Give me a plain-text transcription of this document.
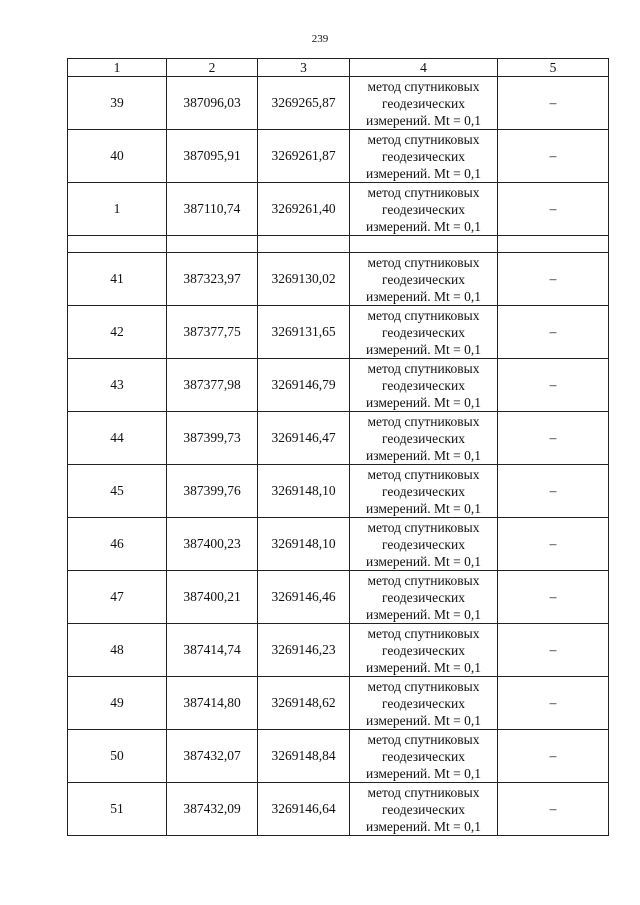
239
1	2	3	4	5
39	387096,03	3269265,87	метод спутниковых
геодезических
измерений. Mt = 0,1	–
40	387095,91	3269261,87	метод спутниковых
геодезических
измерений. Mt = 0,1	–
1	387110,74	3269261,40	метод спутниковых
геодезических
измерений. Mt = 0,1	–

41	387323,97	3269130,02	метод спутниковых
геодезических
измерений. Mt = 0,1	–
42	387377,75	3269131,65	метод спутниковых
геодезических
измерений. Mt = 0,1	–
43	387377,98	3269146,79	метод спутниковых
геодезических
измерений. Mt = 0,1	–
44	387399,73	3269146,47	метод спутниковых
геодезических
измерений. Mt = 0,1	–
45	387399,76	3269148,10	метод спутниковых
геодезических
измерений. Mt = 0,1	–
46	387400,23	3269148,10	метод спутниковых
геодезических
измерений. Mt = 0,1	–
47	387400,21	3269146,46	метод спутниковых
геодезических
измерений. Mt = 0,1	–
48	387414,74	3269146,23	метод спутниковых
геодезических
измерений. Mt = 0,1	–
49	387414,80	3269148,62	метод спутниковых
геодезических
измерений. Mt = 0,1	–
50	387432,07	3269148,84	метод спутниковых
геодезических
измерений. Mt = 0,1	–
51	387432,09	3269146,64	метод спутниковых
геодезических
измерений. Mt = 0,1	–
